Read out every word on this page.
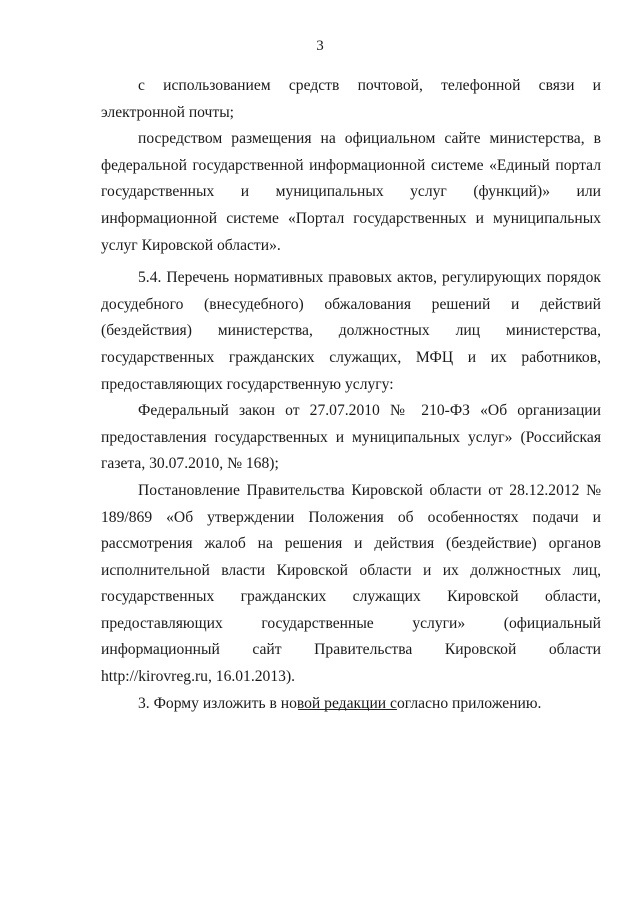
3

с использованием средств почтовой, телефонной связи и электронной почты;

посредством размещения на официальном сайте министерства, в федеральной государственной информационной системе «Единый портал государственных и муниципальных услуг (функций)» или информационной системе «Портал государственных и муниципальных услуг Кировской области».

5.4. Перечень нормативных правовых актов, регулирующих порядок досудебного (внесудебного) обжалования решений и действий (бездействия) министерства, должностных лиц министерства, государственных гражданских служащих, МФЦ и их работников, предоставляющих государственную услугу:

Федеральный закон от 27.07.2010 № 210-ФЗ «Об организации предоставления государственных и муниципальных услуг» (Российская газета, 30.07.2010, № 168);

Постановление Правительства Кировской области от 28.12.2012 № 189/869 «Об утверждении Положения об особенностях подачи и рассмотрения жалоб на решения и действия (бездействие) органов исполнительной власти Кировской области и их должностных лиц, государственных гражданских служащих Кировской области, предоставляющих государственные услуги» (официальный информационный сайт Правительства Кировской области http://kirovreg.ru, 16.01.2013).

3. Форму изложить в новой редакции согласно приложению.
